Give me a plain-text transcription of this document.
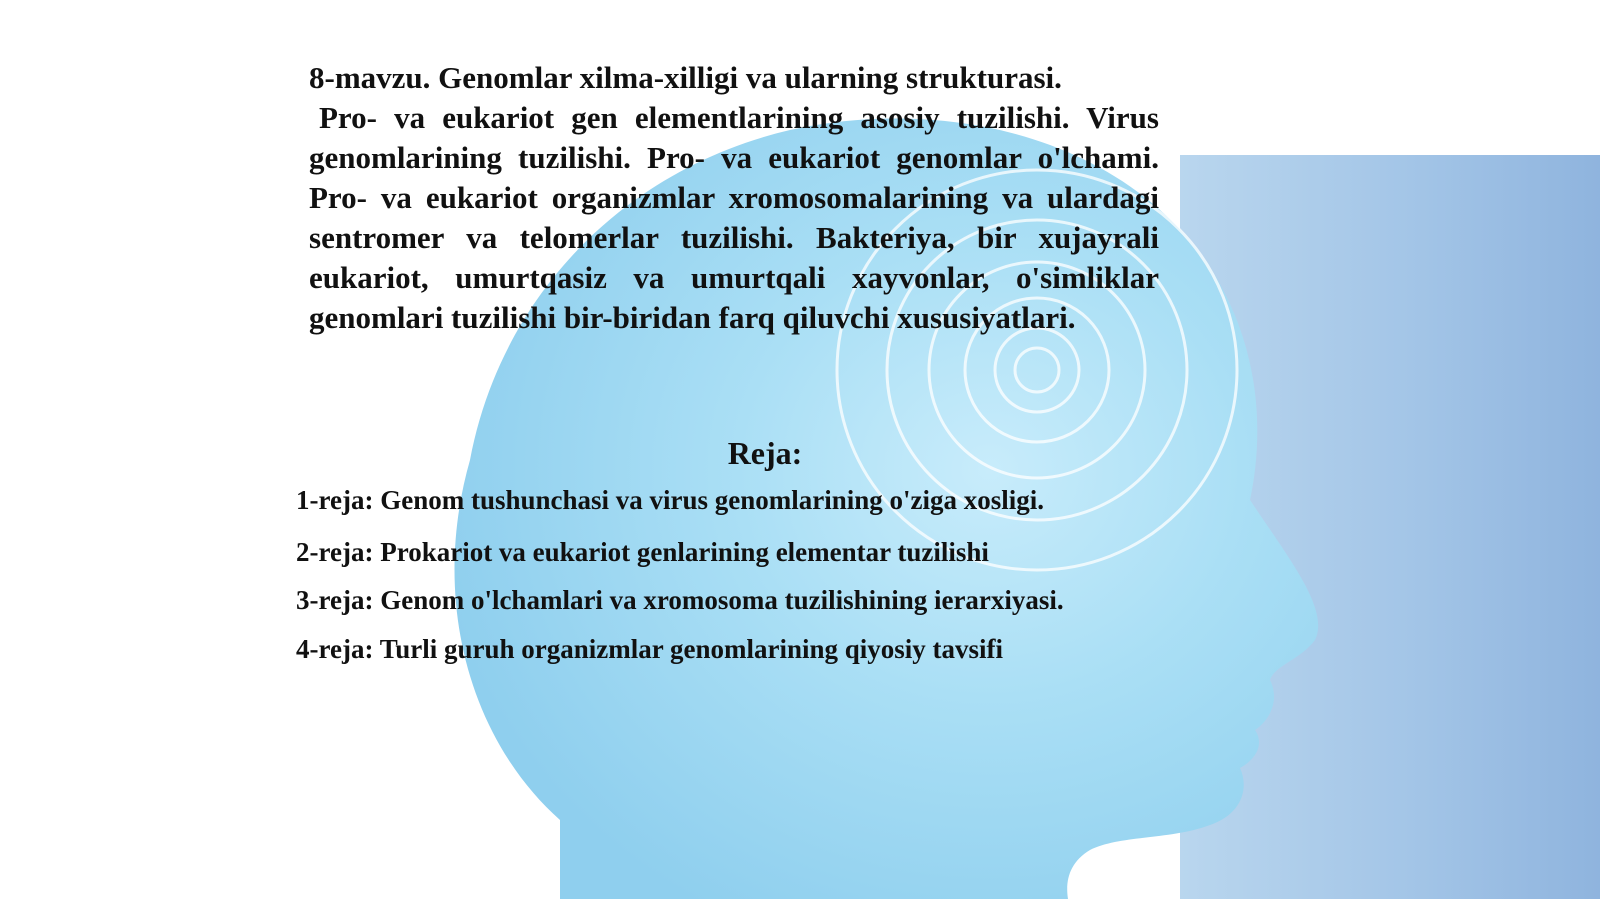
8-mavzu. Genomlar xilma-xilligi va ularning strukturasi.

Pro- va eukariot gen elementlarining asosiy tuzilishi. Virus genomlarining tuzilishi. Pro- va eukariot genomlar o'lchami. Pro- va eukariot organizmlar xromosomalarining va ulardagi sentromer va telomerlar tuzilishi. Bakteriya, bir xujayrali eukariot, umurtqasiz va umurtqali xayvonlar, o'simliklar genomlari tuzilishi bir-biridan farq qiluvchi xususiyatlari.

Reja:
1-reja: Genom tushunchasi va virus genomlarining o'ziga xosligi.
2-reja: Prokariot va eukariot genlarining elementar tuzilishi
3-reja: Genom o'lchamlari va xromosoma tuzilishining ierarxiyasi.
4-reja: Turli guruh organizmlar genomlarining qiyosiy tavsifi
